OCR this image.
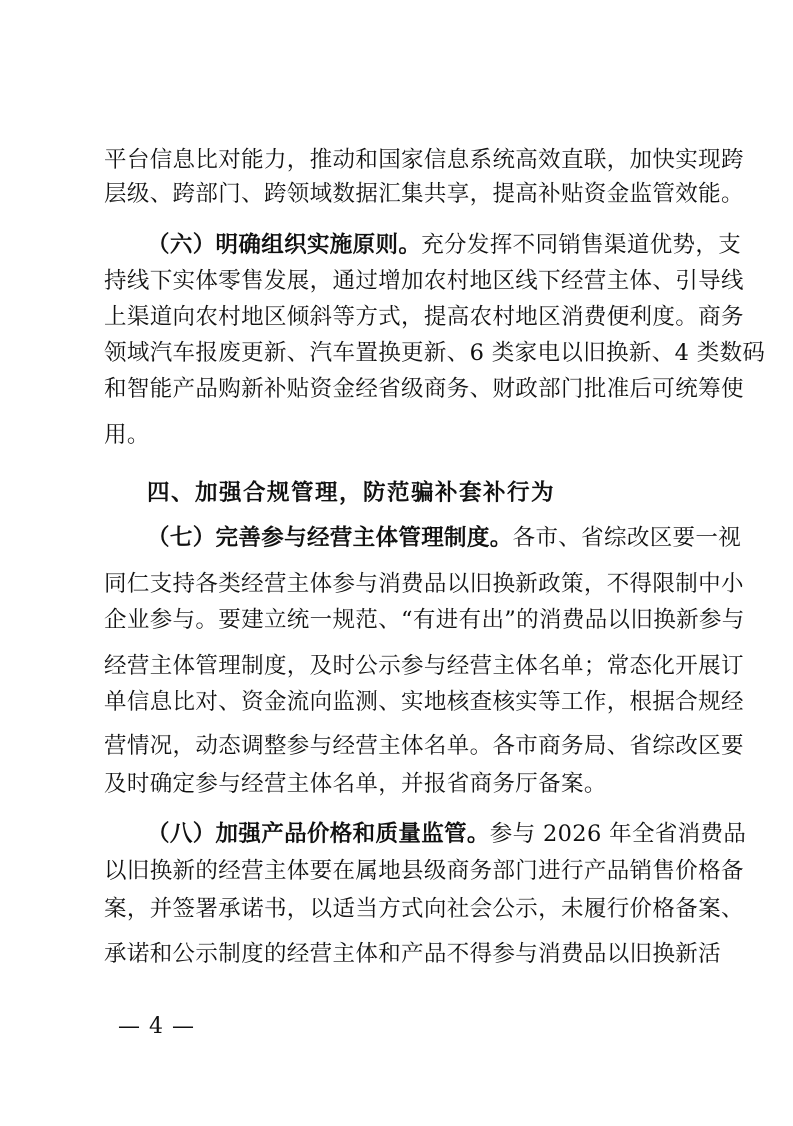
平台信息比对能力，推动和国家信息系统高效直联，加快实现跨
层级、跨部门、跨领域数据汇集共享，提高补贴资金监管效能。
（六）明确组织实施原则。充分发挥不同销售渠道优势，支
持线下实体零售发展，通过增加农村地区线下经营主体、引导线
上渠道向农村地区倾斜等方式，提高农村地区消费便利度。商务
领域汽车报废更新、汽车置换更新、6 类家电以旧换新、4 类数码
和智能产品购新补贴资金经省级商务、财政部门批准后可统筹使
用。
四、加强合规管理，防范骗补套补行为
（七）完善参与经营主体管理制度。各市、省综改区要一视
同仁支持各类经营主体参与消费品以旧换新政策，不得限制中小
企业参与。要建立统一规范、“有进有出”的消费品以旧换新参与
经营主体管理制度，及时公示参与经营主体名单；常态化开展订
单信息比对、资金流向监测、实地核查核实等工作，根据合规经
营情况，动态调整参与经营主体名单。各市商务局、省综改区要
及时确定参与经营主体名单，并报省商务厅备案。
（八）加强产品价格和质量监管。参与 2026 年全省消费品
以旧换新的经营主体要在属地县级商务部门进行产品销售价格备
案，并签署承诺书，以适当方式向社会公示，未履行价格备案、
承诺和公示制度的经营主体和产品不得参与消费品以旧换新活
— 4 —
